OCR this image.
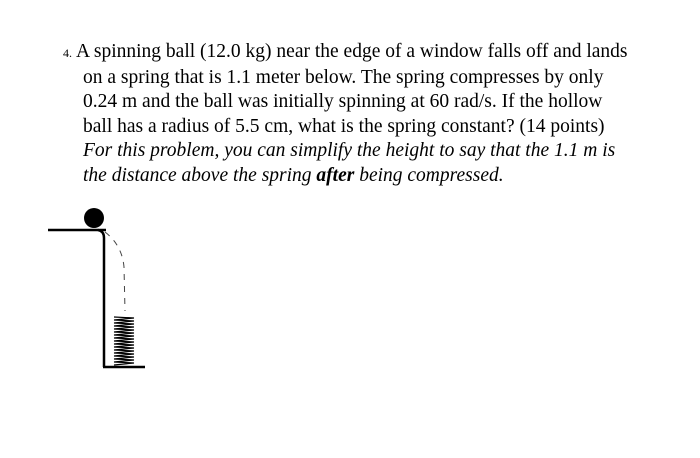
4. A spinning ball (12.0 kg) near the edge of a window falls off and lands
on a spring that is 1.1 meter below. The spring compresses by only
0.24 m and the ball was initially spinning at 60 rad/s. If the hollow
ball has a radius of 5.5 cm, what is the spring constant? (14 points)
For this problem, you can simplify the height to say that the 1.1 m is
the distance above the spring after being compressed.
